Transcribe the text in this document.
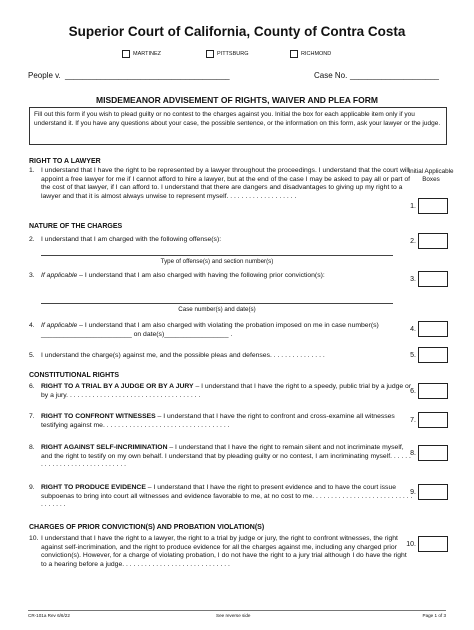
Superior Court of California, County of Contra Costa
MARTINEZ	PITTSBURG	RICHMOND
People v. _____________________________________	Case No. ____________________
MISDEMEANOR ADVISEMENT OF RIGHTS, WAIVER AND PLEA FORM
Fill out this form if you wish to plead guilty or no contest to the charges against you. Initial the box for each applicable item only if you understand it. If you have any questions about your case, the possible sentence, or the information on this form, ask your lawyer or the judge.
Initial Applicable Boxes
RIGHT TO A LAWYER
1. I understand that I have the right to be represented by a lawyer throughout the proceedings. I understand that the court will appoint a free lawyer for me if I cannot afford to hire a lawyer, but at the end of the case I may be asked to pay all or part of the cost of that lawyer, if I can afford to. I understand that there are dangers and disadvantages to giving up my right to a lawyer and that it is almost always unwise to represent myself. . . . . . . . . . . . . . . . . . .
1.
NATURE OF THE CHARGES
2. I understand that I am charged with the following offense(s):	2.
Type of offense(s) and section number(s)
3. If applicable – I understand that I am also charged with having the following prior conviction(s):
3.
Case number(s) and date(s)
4. If applicable – I understand that I am also charged with violating the probation imposed on me in case number(s) ________________________ on date(s)_________________ .
4.
5. I understand the charge(s) against me, and the possible pleas and defenses. . . . . . . . . . . . . . .	5.
CONSTITUTIONAL RIGHTS
6. RIGHT TO A TRIAL BY A JUDGE OR BY A JURY – I understand that I have the right to a speedy, public trial by a judge or by a jury. . . . . . . . . . . . . . . . . . . . . . . . . . . . . . . . . . . .
6.
7. RIGHT TO CONFRONT WITNESSES – I understand that I have the right to confront and cross-examine all witnesses testifying against me. . . . . . . . . . . . . . . . . . . . . . . . . . . . . . . . . .
7.
8. RIGHT AGAINST SELF-INCRIMINATION – I understand that I have the right to remain silent and not incriminate myself, and the right to testify on my own behalf. I understand that by pleading guilty or no contest, I am incriminating myself. . . . . . . . . . . . . . . . . . . . . . . . . . . . .
8.
9. RIGHT TO PRODUCE EVIDENCE – I understand that I have the right to present evidence and to have the court issue subpoenas to bring into court all witnesses and evidence favorable to me, at no cost to me. . . . . . . . . . . . . . . . . . . . . . . . . . . . . . . . . .
9.
CHARGES OF PRIOR CONVICTION(S) AND PROBATION VIOLATION(S)
10. I understand that I have the right to a lawyer, the right to a trial by judge or jury, the right to confront witnesses, the right against self-incrimination, and the right to produce evidence for all the charges against me, including any charged prior conviction(s). However, for a charge of violating probation, I do not have the right to a jury trial although I do have the right to a hearing before a judge. . . . . . . . . . . . . . . . . . . . . . . . . . . . .
10.
CR-101a Rev 6/6/22	See reverse side	Page 1 of 3
